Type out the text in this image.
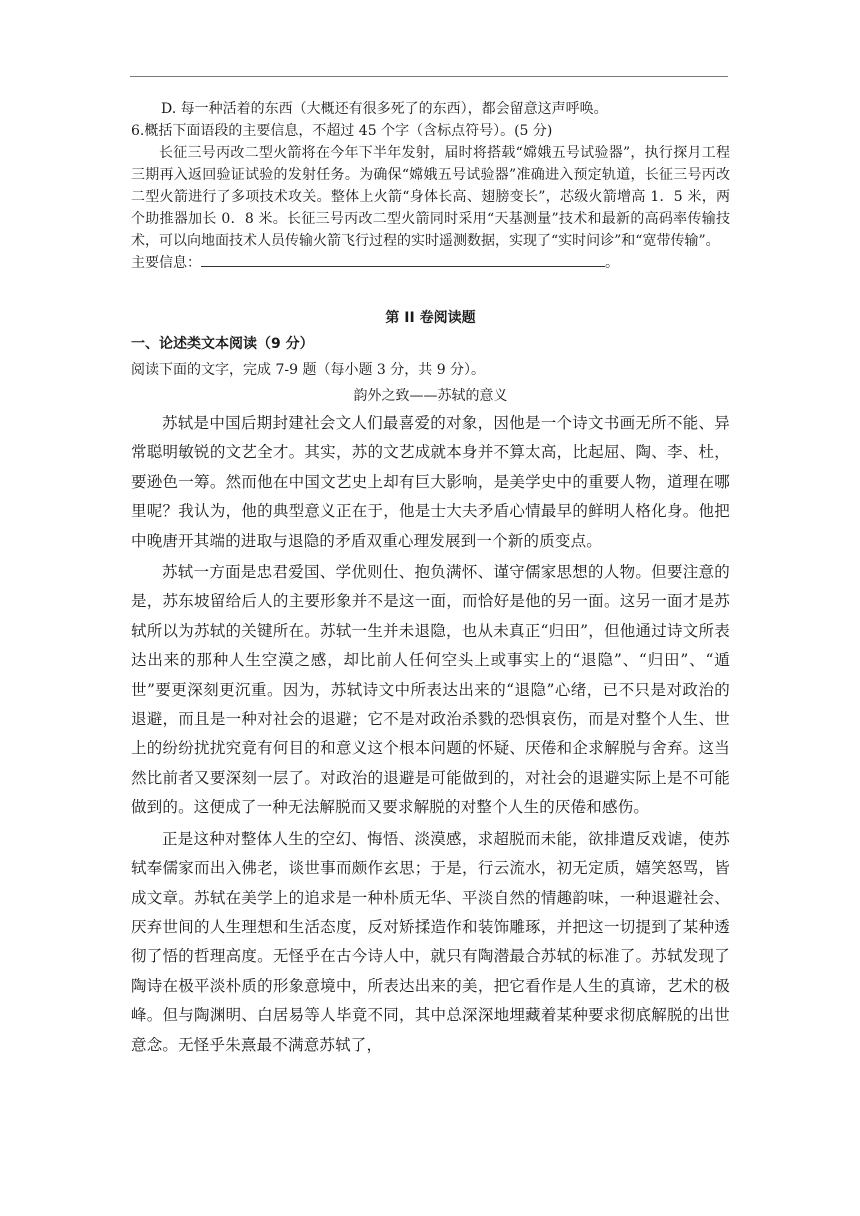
D. 每一种活着的东西（大概还有很多死了的东西），都会留意这声呼唤。

6.概括下面语段的主要信息，不超过 45 个字（含标点符号）。(5 分)

长征三号丙改二型火箭将在今年下半年发射，届时将搭载“嫦娥五号试验器”，执行探月工程三期再入返回验证试验的发射任务。为确保“嫦娥五号试验器”准确进入预定轨道，长征三号丙改二型火箭进行了多项技术攻关。整体上火箭“身体长高、翅膀变长”，芯级火箭增高 1．5 米，两个助推器加长 0．8 米。长征三号丙改二型火箭同时采用“天基测量”技术和最新的高码率传输技术，可以向地面技术人员传输火箭飞行过程的实时遥测数据，实现了“实时问诊”和“宽带传输”。

主要信息：	。

第 II 卷阅读题

一、论述类文本阅读（9 分）

阅读下面的文字，完成 7-9 题（每小题 3 分，共 9 分）。

韵外之致——苏轼的意义

苏轼是中国后期封建社会文人们最喜爱的对象，因他是一个诗文书画无所不能、异常聪明敏锐的文艺全才。其实，苏的文艺成就本身并不算太高，比起屈、陶、李、杜，要逊色一筹。然而他在中国文艺史上却有巨大影响，是美学史中的重要人物，道理在哪里呢？我认为，他的典型意义正在于，他是士大夫矛盾心情最早的鲜明人格化身。他把中晚唐开其端的进取与退隐的矛盾双重心理发展到一个新的质变点。

苏轼一方面是忠君爱国、学优则仕、抱负满怀、谨守儒家思想的人物。但要注意的是，苏东坡留给后人的主要形象并不是这一面，而恰好是他的另一面。这另一面才是苏轼所以为苏轼的关键所在。苏轼一生并未退隐，也从未真正“归田”，但他通过诗文所表达出来的那种人生空漠之感，却比前人任何空头上或事实上的“退隐”、“归田”、“遁世”要更深刻更沉重。因为，苏轼诗文中所表达出来的“退隐”心绪，已不只是对政治的退避，而且是一种对社会的退避；它不是对政治杀戮的恐惧哀伤，而是对整个人生、世上的纷纷扰扰究竟有何目的和意义这个根本问题的怀疑、厌倦和企求解脱与舍弃。这当然比前者又要深刻一层了。对政治的退避是可能做到的，对社会的退避实际上是不可能做到的。这便成了一种无法解脱而又要求解脱的对整个人生的厌倦和感伤。

正是这种对整体人生的空幻、悔悟、淡漠感，求超脱而未能，欲排遣反戏谑，使苏轼奉儒家而出入佛老，谈世事而颇作玄思；于是，行云流水，初无定质，嬉笑怒骂，皆成文章。苏轼在美学上的追求是一种朴质无华、平淡自然的情趣韵味，一种退避社会、厌弃世间的人生理想和生活态度，反对矫揉造作和装饰雕琢，并把这一切提到了某种透彻了悟的哲理高度。无怪乎在古今诗人中，就只有陶潜最合苏轼的标准了。苏轼发现了陶诗在极平淡朴质的形象意境中，所表达出来的美，把它看作是人生的真谛，艺术的极峰。但与陶渊明、白居易等人毕竟不同，其中总深深地埋藏着某种要求彻底解脱的出世意念。无怪乎朱熹最不满意苏轼了，
